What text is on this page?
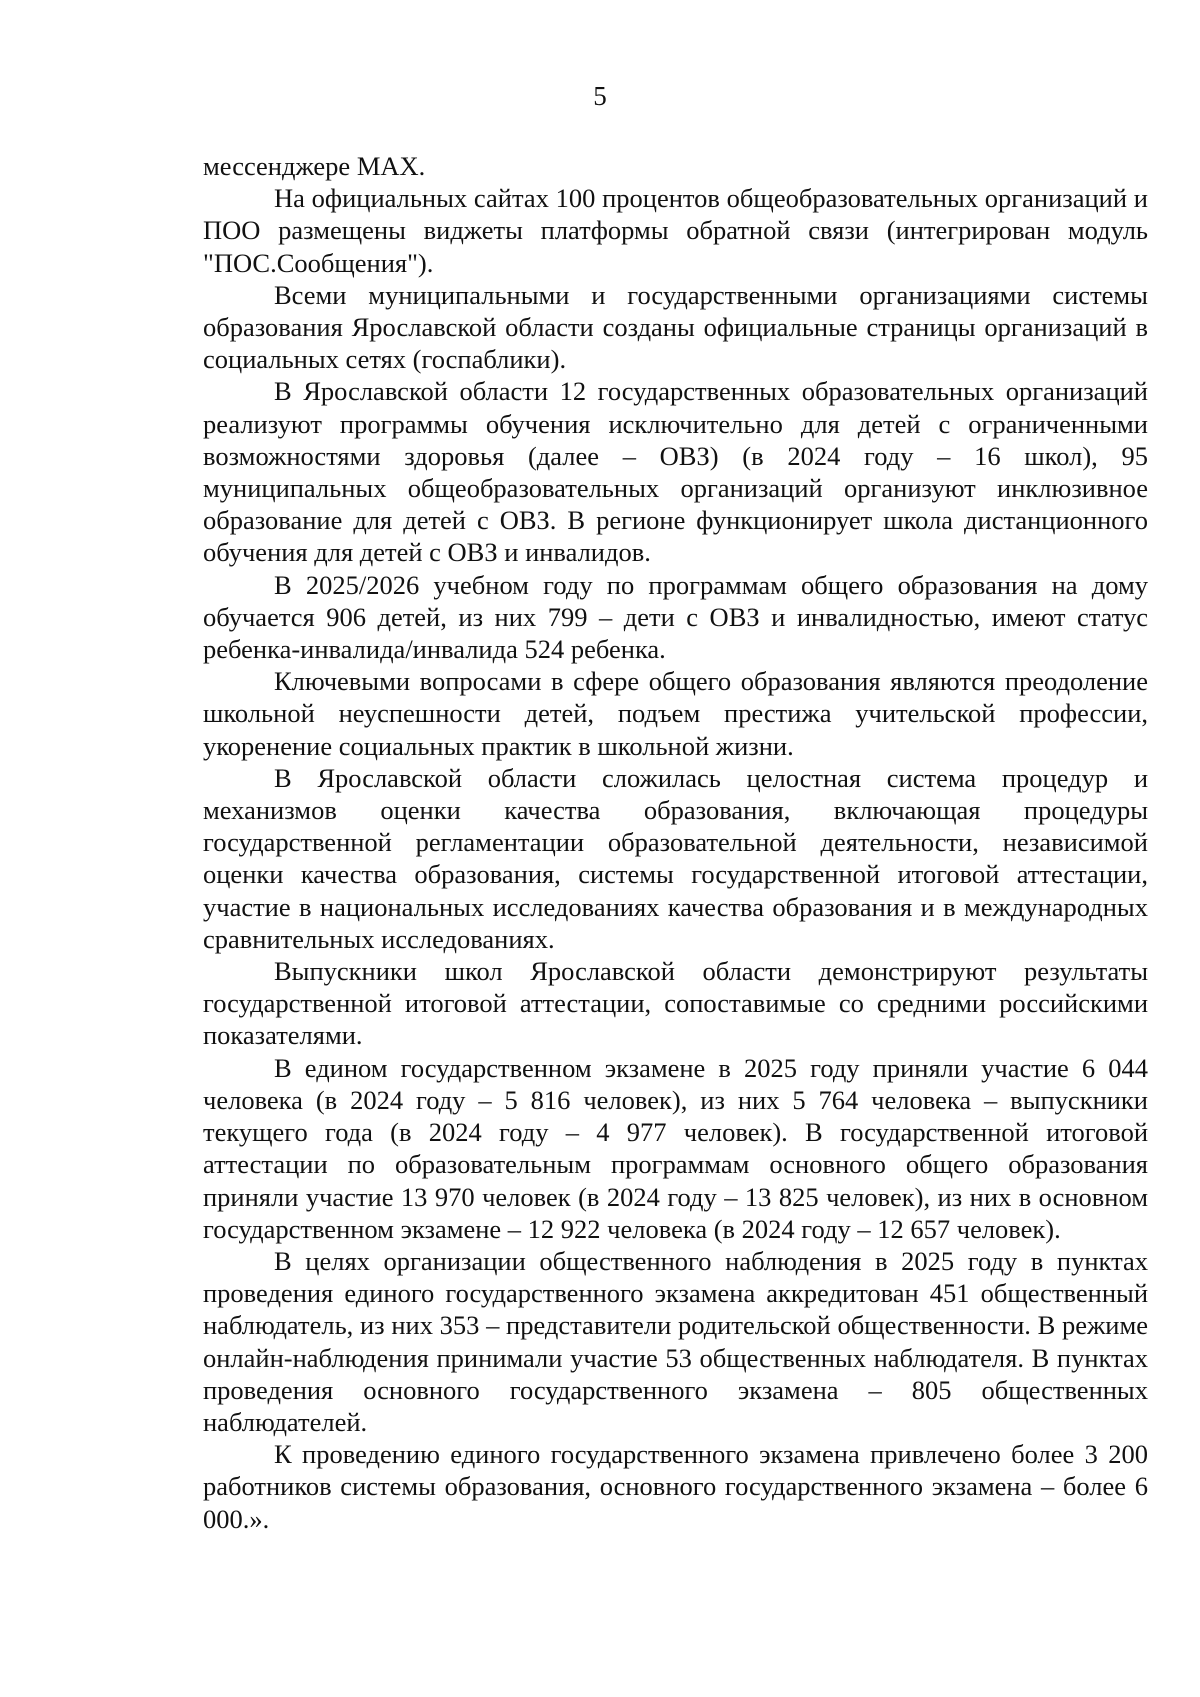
5

мессенджере MAX.

На официальных сайтах 100 процентов общеобразовательных организаций и ПОО размещены виджеты платформы обратной связи (интегрирован модуль "ПОС.Сообщения").

Всеми муниципальными и государственными организациями системы образования Ярославской области созданы официальные страницы организаций в социальных сетях (госпаблики).

В Ярославской области 12 государственных образовательных организаций реализуют программы обучения исключительно для детей с ограниченными возможностями здоровья (далее – ОВЗ) (в 2024 году – 16 школ), 95 муниципальных общеобразовательных организаций организуют инклюзивное образование для детей с ОВЗ. В регионе функционирует школа дистанционного обучения для детей с ОВЗ и инвалидов.

В 2025/2026 учебном году по программам общего образования на дому обучается 906 детей, из них 799 – дети с ОВЗ и инвалидностью, имеют статус ребенка-инвалида/инвалида 524 ребенка.

Ключевыми вопросами в сфере общего образования являются преодоление школьной неуспешности детей, подъем престижа учительской профессии, укоренение социальных практик в школьной жизни.

В Ярославской области сложилась целостная система процедур и механизмов оценки качества образования, включающая процедуры государственной регламентации образовательной деятельности, независимой оценки качества образования, системы государственной итоговой аттестации, участие в национальных исследованиях качества образования и в международных сравнительных исследованиях.

Выпускники школ Ярославской области демонстрируют результаты государственной итоговой аттестации, сопоставимые со средними российскими показателями.

В едином государственном экзамене в 2025 году приняли участие 6 044 человека (в 2024 году – 5 816 человек), из них 5 764 человека – выпускники текущего года (в 2024 году – 4 977 человек). В государственной итоговой аттестации по образовательным программам основного общего образования приняли участие 13 970 человек (в 2024 году – 13 825 человек), из них в основном государственном экзамене – 12 922 человека (в 2024 году – 12 657 человек).

В целях организации общественного наблюдения в 2025 году в пунктах проведения единого государственного экзамена аккредитован 451 общественный наблюдатель, из них 353 – представители родительской общественности. В режиме онлайн-наблюдения принимали участие 53 общественных наблюдателя. В пунктах проведения основного государственного экзамена – 805 общественных наблюдателей.

К проведению единого государственного экзамена привлечено более 3 200 работников системы образования, основного государственного экзамена – более 6 000.».
